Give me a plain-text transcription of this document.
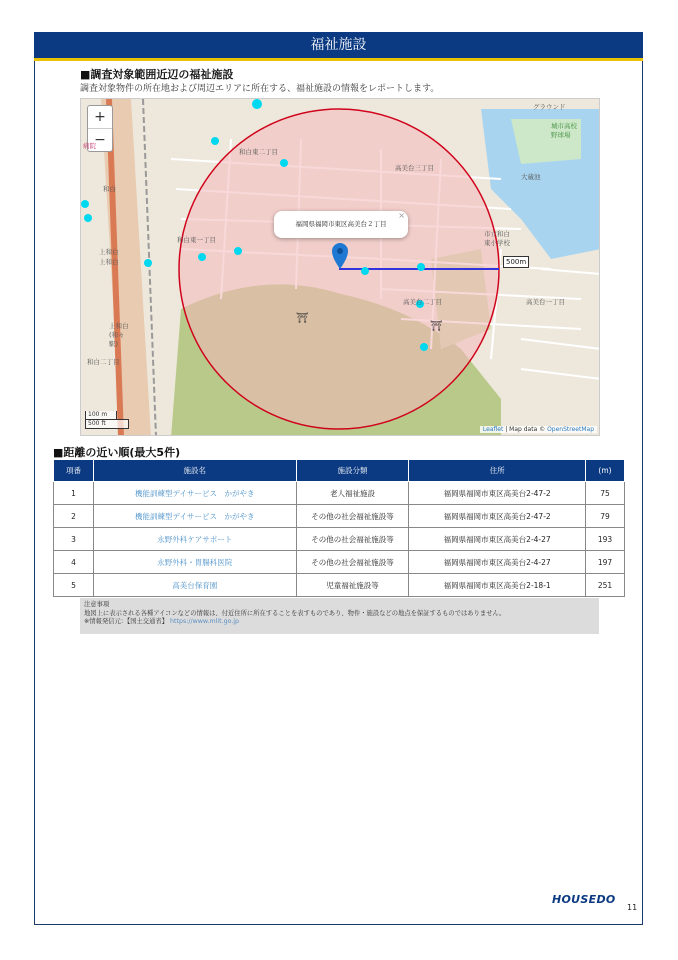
福祉施設
■調査対象範囲近辺の福祉施設
調査対象物件の所在地および周辺エリアに所在する、福祉施設の情報をレポートします。
⛩
⛩
+
−
福岡県福岡市東区高美台２丁目
×
500m
和白東二丁目
和白東一丁目
高美台三丁目
高美台二丁目	高美台一丁目
和白二丁目
和白
上和白
上和白
市立和白東小学校
城市高校野球場
大蔵池
グラウンド
病院
上和白(和々駅)
100 m
500 ft
Leaflet | Map data © OpenStreetMap
■距離の近い順(最大5件)
項番	施設名	施設分類	住所	(m)
1	機能訓練型デイサービス　かがやき	老人福祉施設	福岡県福岡市東区高美台2-47-2	75
2	機能訓練型デイサービス　かがやき	その他の社会福祉施設等	福岡県福岡市東区高美台2-47-2	79
3	永野外科ケアサポート	その他の社会福祉施設等	福岡県福岡市東区高美台2-4-27	193
4	永野外科・胃腸科医院	その他の社会福祉施設等	福岡県福岡市東区高美台2-4-27	197
5	高美台保育園	児童福祉施設等	福岡県福岡市東区高美台2-18-1	251
注意事項
地図上に表示される各種アイコンなどの情報は、付近住所に所在することを表すものであり、物件・施設などの地点を保証するものではありません。
※情報発信元：【国土交通省】 https://www.mlit.go.jp
HOUSEDO
11
